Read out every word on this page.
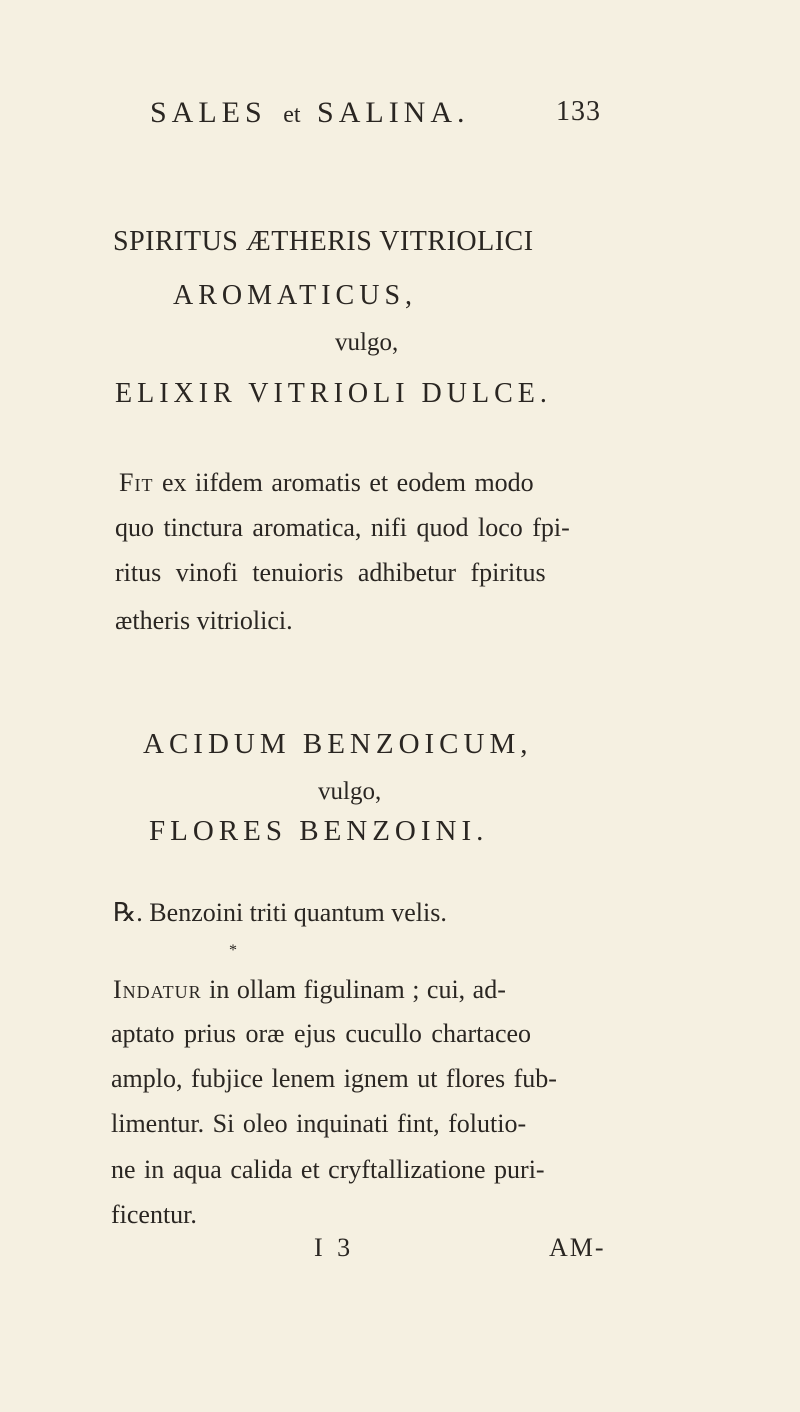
SALES et SALINA.	133
SPIRITUS ÆTHERIS VITRIOLICI
AROMATICUS,
vulgo,
ELIXIR VITRIOLI DULCE.
Fit ex iifdem aromatis et eodem modo
quo tinctura aromatica, nifi quod loco fpi-
ritus vinofi tenuioris adhibetur fpiritus
ætheris vitriolici.
ACIDUM BENZOICUM,
vulgo,
FLORES BENZOINI.
℞. Benzoini triti quantum velis.
*
Indatur in ollam figulinam ; cui, ad-
aptato prius oræ ejus cucullo chartaceo
amplo, fubjice lenem ignem ut flores fub-
limentur. Si oleo inquinati fint, folutio-
ne in aqua calida et cryftallizatione puri-
ficentur.
I 3	AM-
